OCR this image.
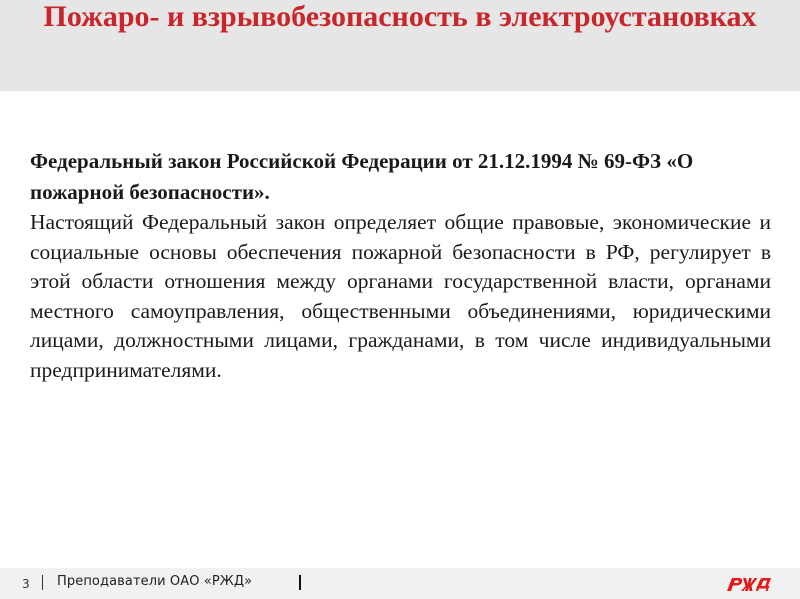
Пожаро- и взрывобезопасность в электроустановках

Федеральный закон Российской Федерации от 21.12.1994 № 69-ФЗ «О пожарной безопасности».

Настоящий Федеральный закон определяет общие правовые, экономические и социальные основы обеспечения пожарной безопасности в РФ, регулирует в этой области отношения между органами государственной власти, органами местного самоуправления, общественными объединениями, юридическими лицами, должностными лицами, гражданами, в том числе индивидуальными предпринимателями.

3 Преподаватели ОАО «РЖД»
